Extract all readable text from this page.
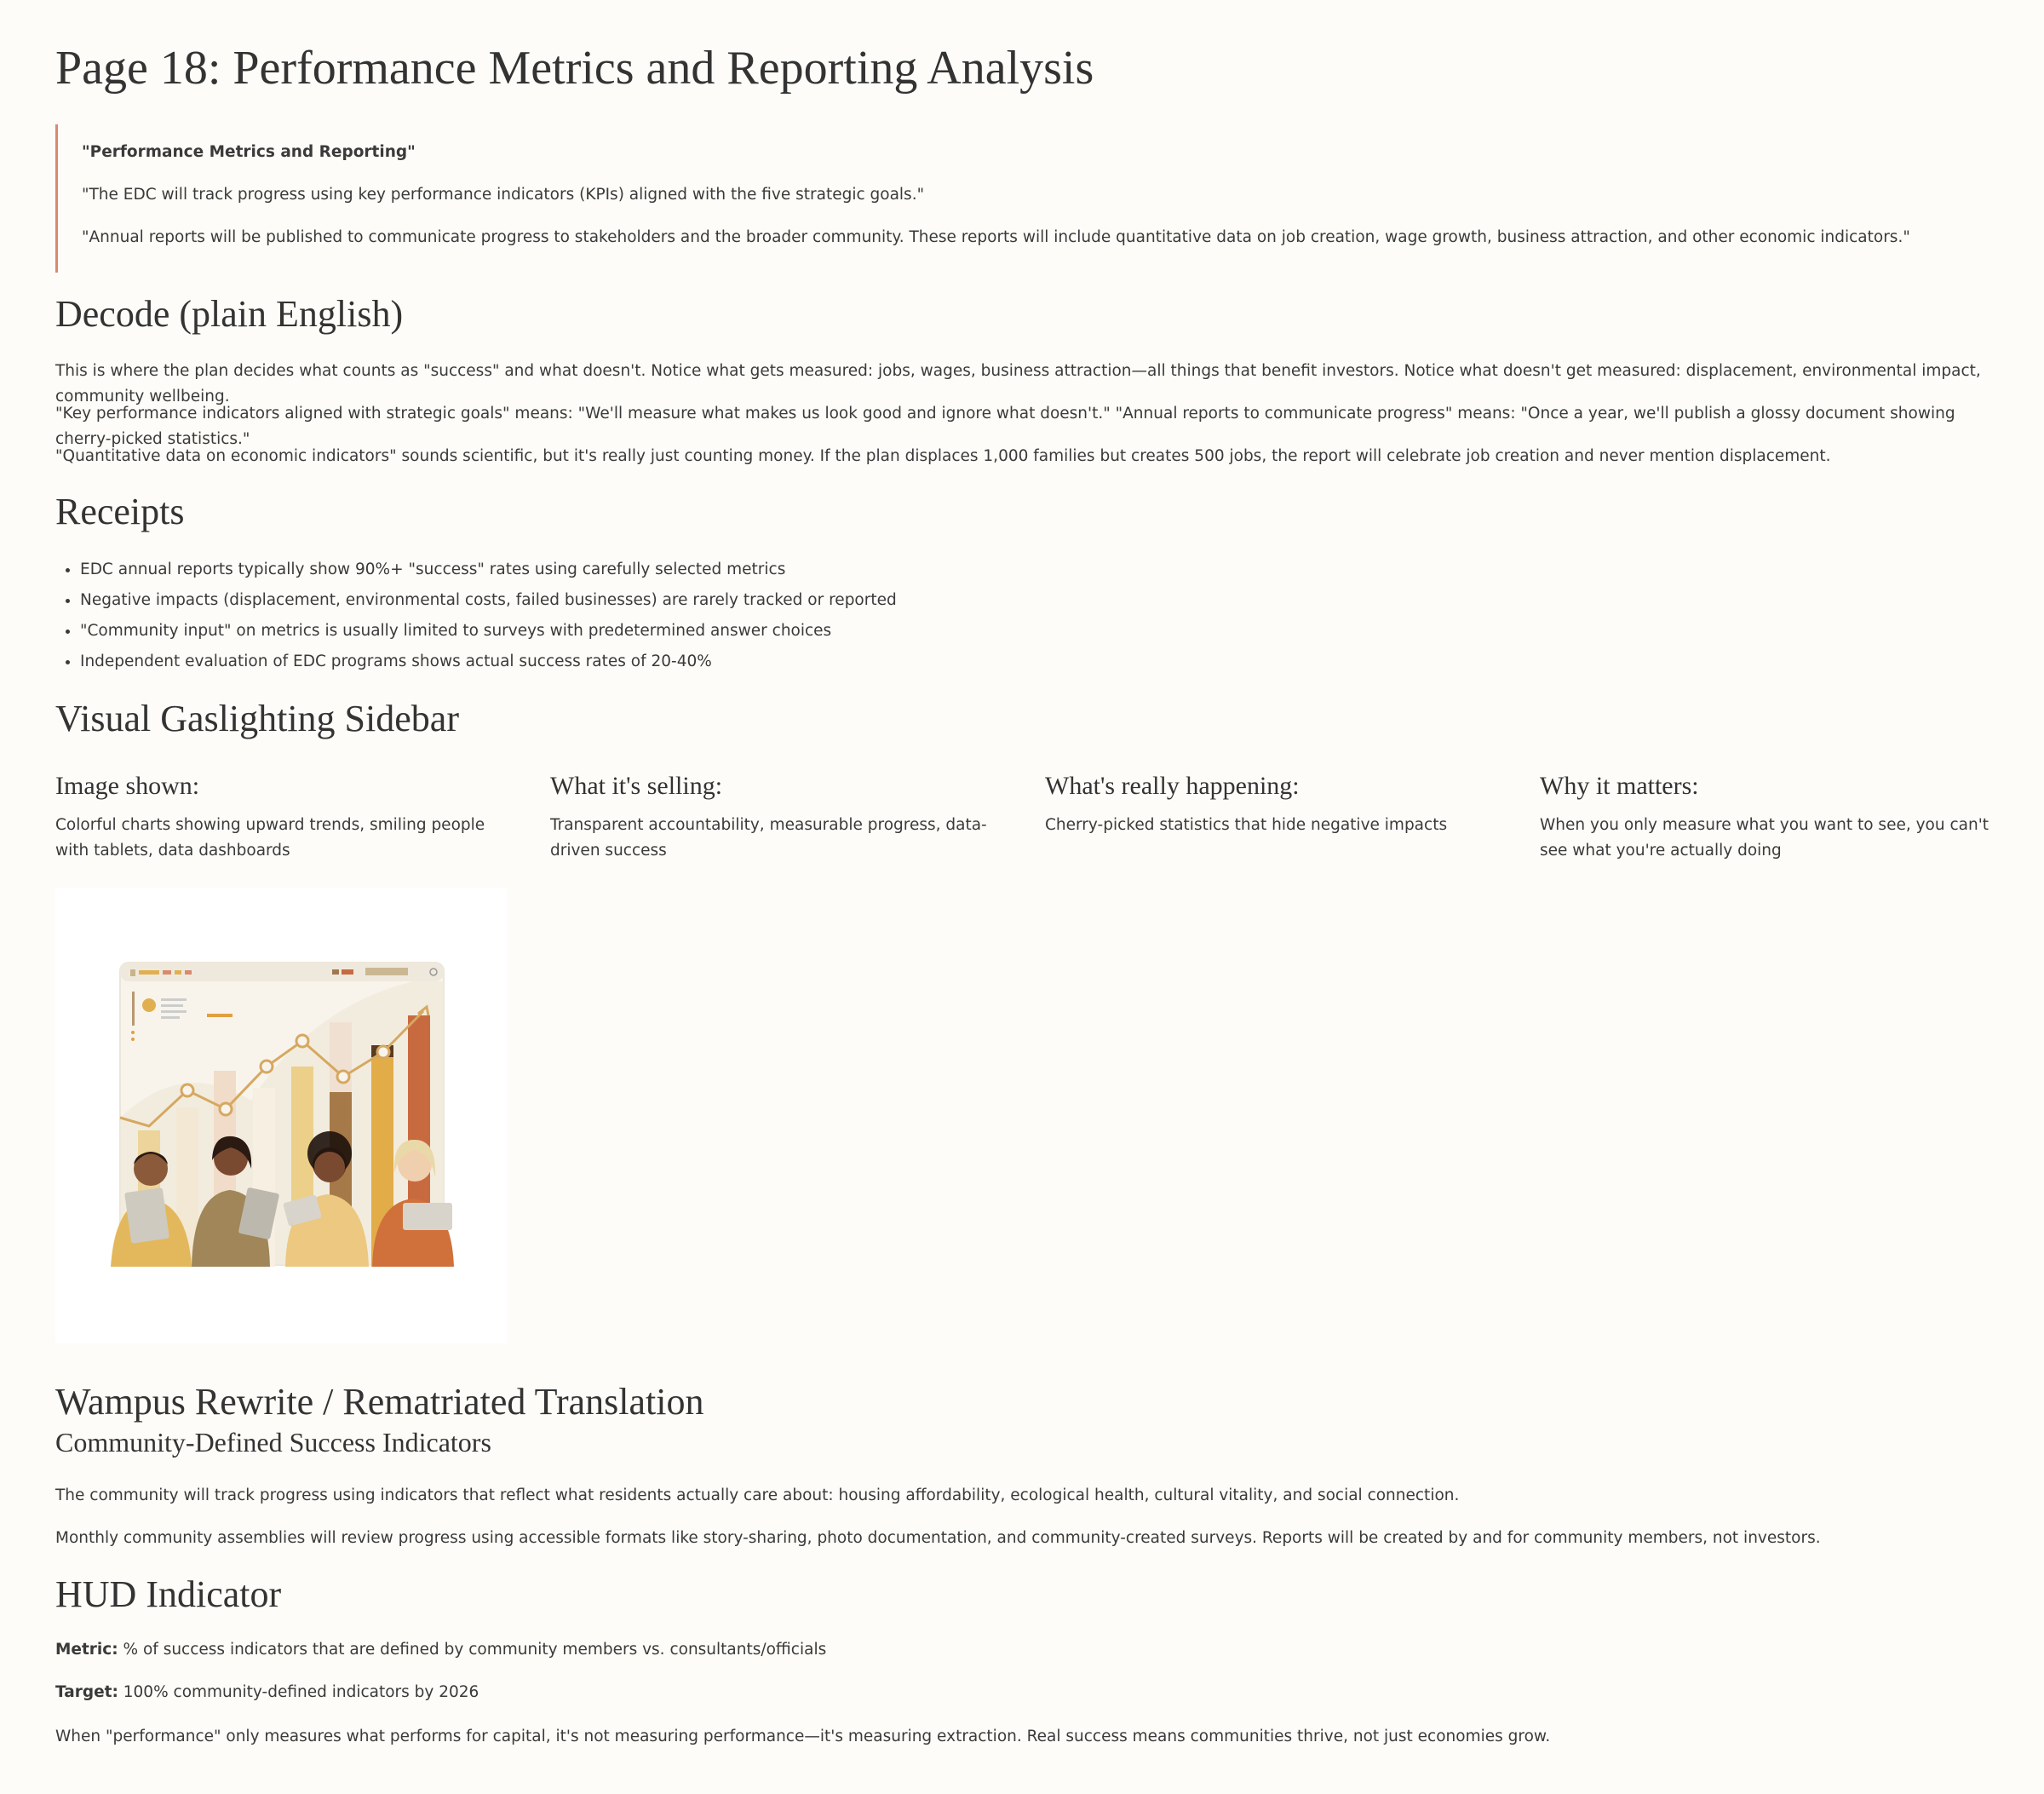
Page 18: Performance Metrics and Reporting Analysis

"Performance Metrics and Reporting"

"The EDC will track progress using key performance indicators (KPIs) aligned with the five strategic goals."

"Annual reports will be published to communicate progress to stakeholders and the broader community. These reports will include quantitative data on job creation, wage growth, business attraction, and other economic indicators."

Decode (plain English)

This is where the plan decides what counts as "success" and what doesn't. Notice what gets measured: jobs, wages, business attraction—all things that benefit investors. Notice what doesn't get measured: displacement, environmental impact, community wellbeing.

"Key performance indicators aligned with strategic goals" means: "We'll measure what makes us look good and ignore what doesn't." "Annual reports to communicate progress" means: "Once a year, we'll publish a glossy document showing cherry-picked statistics."

"Quantitative data on economic indicators" sounds scientific, but it's really just counting money. If the plan displaces 1,000 families but creates 500 jobs, the report will celebrate job creation and never mention displacement.

Receipts
• EDC annual reports typically show 90%+ "success" rates using carefully selected metrics
• Negative impacts (displacement, environmental costs, failed businesses) are rarely tracked or reported
• "Community input" on metrics is usually limited to surveys with predetermined answer choices
• Independent evaluation of EDC programs shows actual success rates of 20-40%
Visual Gaslighting Sidebar
Image shown:

Colorful charts showing upward trends, smiling people with tablets, data dashboards

What it's selling:

Transparent accountability, measurable progress, data-driven success

What's really happening:

Cherry-picked statistics that hide negative impacts

Why it matters:

When you only measure what you want to see, you can't see what you're actually doing

Wampus Rewrite / Rematriated Translation
Community-Defined Success Indicators

The community will track progress using indicators that reflect what residents actually care about: housing affordability, ecological health, cultural vitality, and social connection.

Monthly community assemblies will review progress using accessible formats like story-sharing, photo documentation, and community-created surveys. Reports will be created by and for community members, not investors.

HUD Indicator

Metric: % of success indicators that are defined by community members vs. consultants/officials

Target: 100% community-defined indicators by 2026

When "performance" only measures what performs for capital, it's not measuring performance—it's measuring extraction. Real success means communities thrive, not just economies grow.
